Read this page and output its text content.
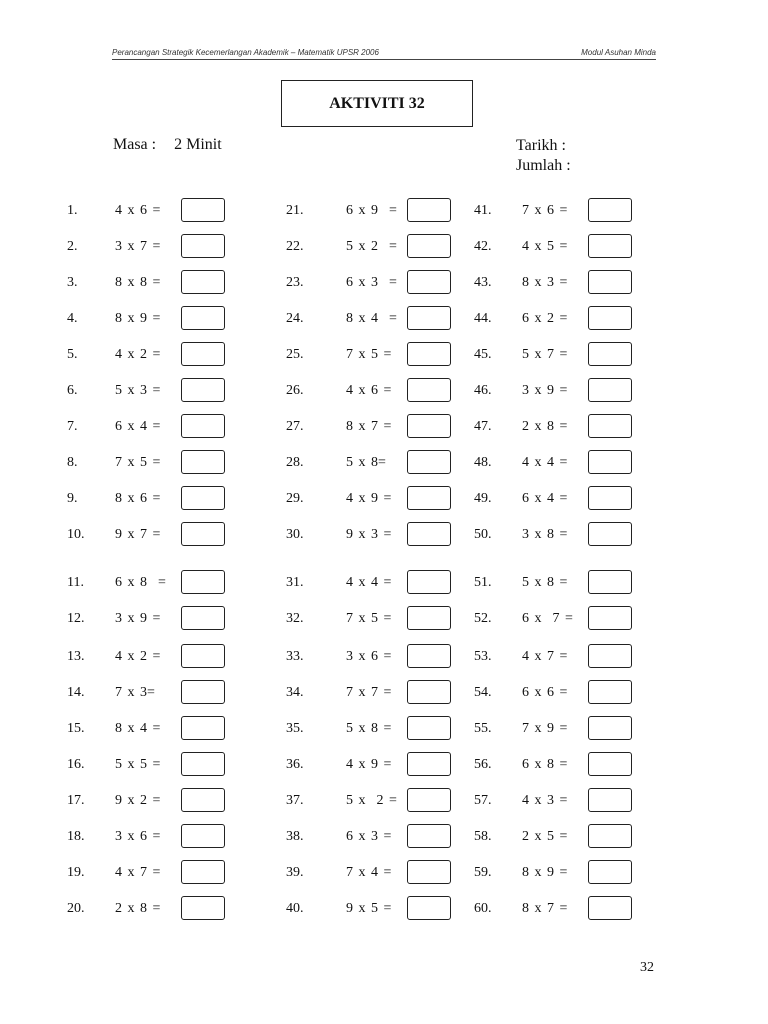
Perancangan Strategik Kecemerlangan Akademik – Matematik UPSR 2006	Modul Asuhan Minda
AKTIVITI 32
Masa : 2 Minit	Tarikh :
Jumlah :
1.	4 x 6 =
2.	3 x 7 =
3.	8 x 8 =
4.	8 x 9 =
5.	4 x 2 =
6.	5 x 3 =
7.	6 x 4 =
8.	7 x 5 =
9.	8 x 6 =
10. 9 x 7 =
11. 6 x 8  =
12. 3 x 9 =
13. 4 x 2 =
14. 7 x 3=
15. 8 x 4 =
16. 5 x 5 =
17. 9 x 2 =
18. 3 x 6 =
19. 4 x 7 =
20. 2 x 8 =
21.	6 x 9  =
22.	5 x 2  =
23.	6 x 3  =
24.	8 x 4  =
25.	7 x 5 =
26.	4 x 6 =
27.	8 x 7 =
28.	5 x 8=
29.	4 x 9 =
30.	9 x 3 =
31.	4 x 4 =
32.	7 x 5 =
33.	3 x 6 =
34.	7 x 7 =
35.	5 x 8 =
36.	4 x 9 =
37.	5 x  2 =
38.	6 x 3 =
39.	7 x 4 =
40.	9 x 5 =
41. 7 x 6 =
42. 4 x 5 =
43. 8 x 3 =
44. 6 x 2 =
45. 5 x 7 =
46. 3 x 9 =
47. 2 x 8 =
48. 4 x 4 =
49. 6 x 4 =
50. 3 x 8 =
51. 5 x 8 =
52. 6 x  7 =
53. 4 x 7 =
54. 6 x 6 =
55. 7 x 9 =
56. 6 x 8 =
57. 4 x 3 =
58. 2 x 5 =
59. 8 x 9 =
60. 8 x 7 =
32
